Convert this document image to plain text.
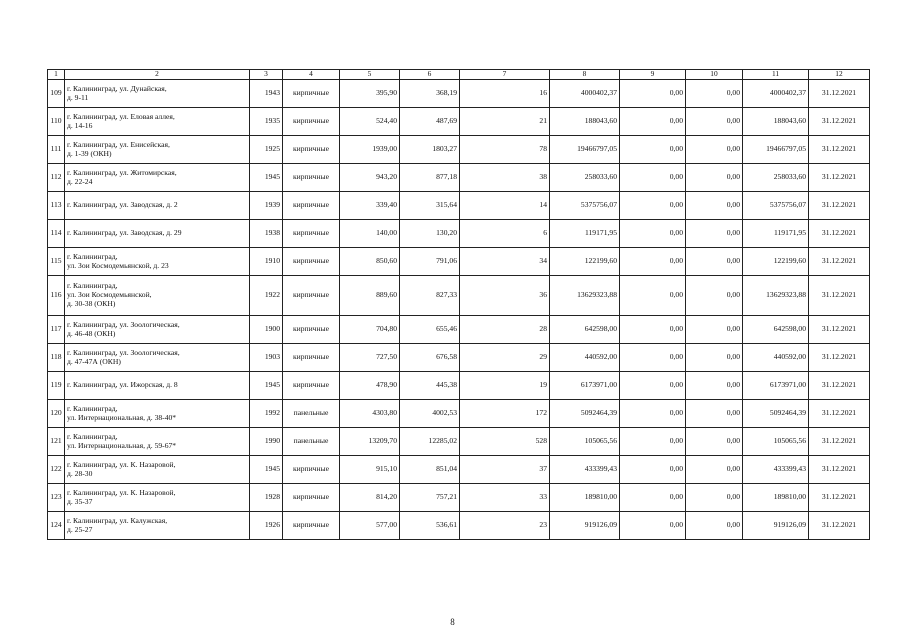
1	2	3	4	5	6	7	8	9	10	11	12
109	г. Калининград, ул. Дунайская,
д. 9-11	1943	кирпичные	395,90	368,19	16	4000402,37	0,00	0,00	4000402,37	31.12.2021
110	г. Калининград, ул. Еловая аллея,
д. 14-16	1935	кирпичные	524,40	487,69	21	188043,60	0,00	0,00	188043,60	31.12.2021
111	г. Калининград, ул. Енисейская,
д. 1-39 (ОКН)	1925	кирпичные	1939,00	1803,27	78	19466797,05	0,00	0,00	19466797,05	31.12.2021
112	г. Калининград, ул. Житомирская,
д. 22-24	1945	кирпичные	943,20	877,18	38	258033,60	0,00	0,00	258033,60	31.12.2021
113	г. Калининград, ул. Заводская, д. 2	1939	кирпичные	339,40	315,64	14	5375756,07	0,00	0,00	5375756,07	31.12.2021
114	г. Калининград, ул. Заводская, д. 29	1938	кирпичные	140,00	130,20	6	119171,95	0,00	0,00	119171,95	31.12.2021
115	г. Калининград,
ул. Зои Космодемьянской, д. 23	1910	кирпичные	850,60	791,06	34	122199,60	0,00	0,00	122199,60	31.12.2021
116	г. Калининград,
ул. Зои Космодемьянской,
д. 30-38 (ОКН)	1922	кирпичные	889,60	827,33	36	13629323,88	0,00	0,00	13629323,88	31.12.2021
117	г. Калининград, ул. Зоологическая,
д. 46-48 (ОКН)	1900	кирпичные	704,80	655,46	28	642598,00	0,00	0,00	642598,00	31.12.2021
118	г. Калининград, ул. Зоологическая,
д. 47-47А (ОКН)	1903	кирпичные	727,50	676,58	29	440592,00	0,00	0,00	440592,00	31.12.2021
119	г. Калининград, ул. Ижорская, д. 8	1945	кирпичные	478,90	445,38	19	6173971,00	0,00	0,00	6173971,00	31.12.2021
120	г. Калининград,
ул. Интернациональная, д. 38-40*	1992	панельные	4303,80	4002,53	172	5092464,39	0,00	0,00	5092464,39	31.12.2021
121	г. Калининград,
ул. Интернациональная, д. 59-67*	1990	панельные	13209,70	12285,02	528	105065,56	0,00	0,00	105065,56	31.12.2021
122	г. Калининград, ул. К. Назаровой,
д. 28-30	1945	кирпичные	915,10	851,04	37	433399,43	0,00	0,00	433399,43	31.12.2021
123	г. Калининград, ул. К. Назаровой,
д. 35-37	1928	кирпичные	814,20	757,21	33	189810,00	0,00	0,00	189810,00	31.12.2021
124	г. Калининград, ул. Калужская,
д. 25-27	1926	кирпичные	577,00	536,61	23	919126,09	0,00	0,00	919126,09	31.12.2021
8
